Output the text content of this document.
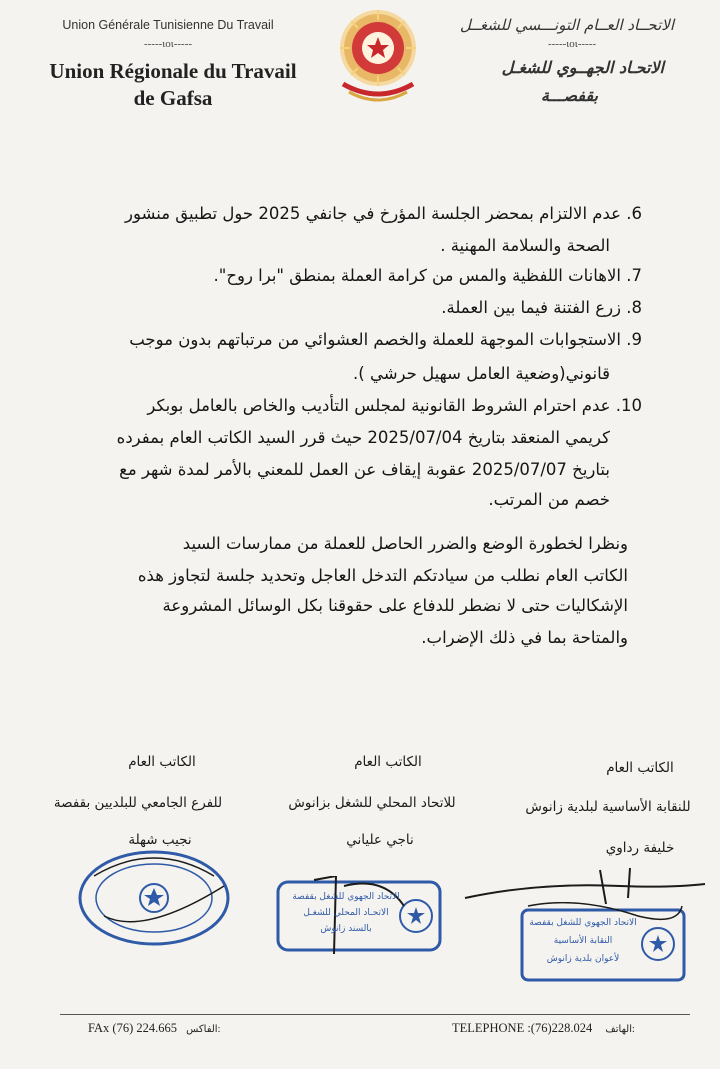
Union Générale Tunisienne Du Travail
-----ιoι-----
Union Régionale du Travail
de Gafsa
الاتحــاد العــام التونـــسي للشغــل
-----ιoι-----
الاتحـاد الجهــوي للشغـل
بقفصـــة
6. عدم الالتزام بمحضر الجلسة المؤرخ في جانفي 2025 حول تطبيق منشور
الصحة والسلامة المهنية .
7. الاهانات اللفظية والمس من كرامة العملة بمنطق "برا روح".
8. زرع الفتنة فيما بين العملة.
9. الاستجوابات الموجهة للعملة والخصم العشوائي من مرتباتهم بدون موجب
قانوني(وضعية العامل سهيل حرشي ).
10. عدم احترام الشروط القانونية لمجلس التأديب والخاص بالعامل بوبكر
كريمي المنعقد بتاريخ 2025/07/04 حيث قرر السيد الكاتب العام بمفرده
بتاريخ 2025/07/07 عقوبة إيقاف عن العمل للمعني بالأمر لمدة شهر مع
خصم من المرتب.
ونظرا لخطورة الوضع والضرر الحاصل للعملة من ممارسات السيد
الكاتب العام نطلب من سيادتكم التدخل العاجل وتحديد جلسة لتجاوز هذه
الإشكاليات حتى لا نضطر للدفاع على حقوقنا بكل الوسائل المشروعة
والمتاحة بما في ذلك الإضراب.
الكاتب العام
للفرع الجامعي للبلديين بقفصة
نجيب شهلة
الكاتب العام
للاتحاد المحلي للشغل بزانوش
ناجي علياني
الكاتب العام
للنقابة الأساسية لبلدية زانوش
خليفة رداوي
الاتحاد الجهوي للشغل بقفصة
الاتحـاد المحلي للشغـل
بالسند زانوش
الاتحاد الجهوي للشغل بقفصة
النقابة الأساسية
لأعوان بلدية زانوش
FAx (76) 224.665 الفاكس:	TELEPHONE :(76)228.024 الهاتف:
